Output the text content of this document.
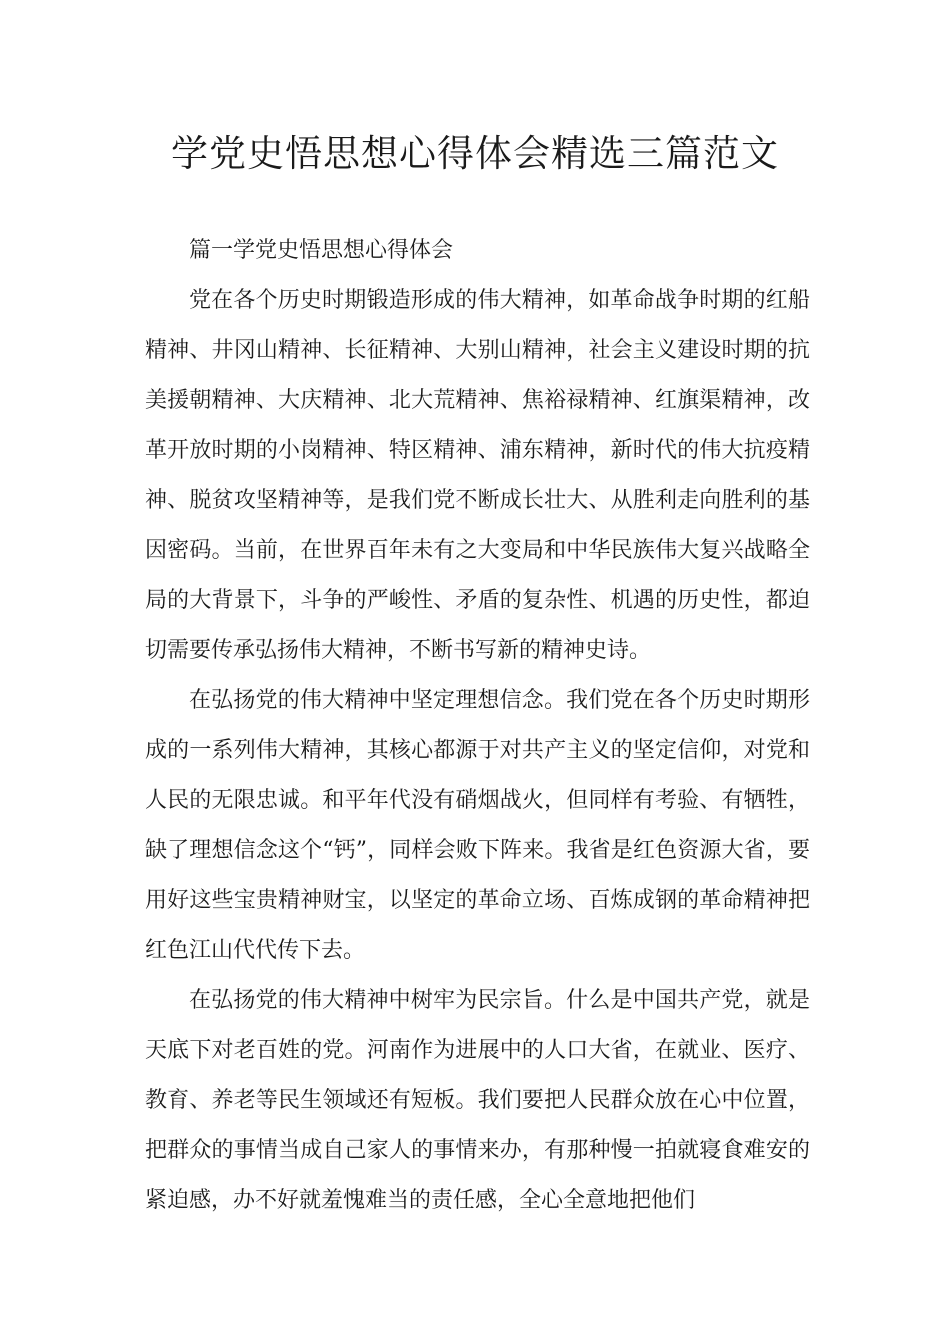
学党史悟思想心得体会精选三篇范文

篇一学党史悟思想心得体会

党在各个历史时期锻造形成的伟大精神，如革命战争时期的红船精神、井冈山精神、长征精神、大别山精神，社会主义建设时期的抗美援朝精神、大庆精神、北大荒精神、焦裕禄精神、红旗渠精神，改革开放时期的小岗精神、特区精神、浦东精神，新时代的伟大抗疫精神、脱贫攻坚精神等，是我们党不断成长壮大、从胜利走向胜利的基因密码。当前，在世界百年未有之大变局和中华民族伟大复兴战略全局的大背景下，斗争的严峻性、矛盾的复杂性、机遇的历史性，都迫切需要传承弘扬伟大精神，不断书写新的精神史诗。

在弘扬党的伟大精神中坚定理想信念。我们党在各个历史时期形成的一系列伟大精神，其核心都源于对共产主义的坚定信仰，对党和人民的无限忠诚。和平年代没有硝烟战火，但同样有考验、有牺牲，缺了理想信念这个“钙”，同样会败下阵来。我省是红色资源大省，要用好这些宝贵精神财宝，以坚定的革命立场、百炼成钢的革命精神把红色江山代代传下去。

在弘扬党的伟大精神中树牢为民宗旨。什么是中国共产党，就是天底下对老百姓的党。河南作为进展中的人口大省，在就业、医疗、教育、养老等民生领域还有短板。我们要把人民群众放在心中位置，把群众的事情当成自己家人的事情来办，有那种慢一拍就寝食难安的紧迫感，办不好就羞愧难当的责任感，全心全意地把他们
